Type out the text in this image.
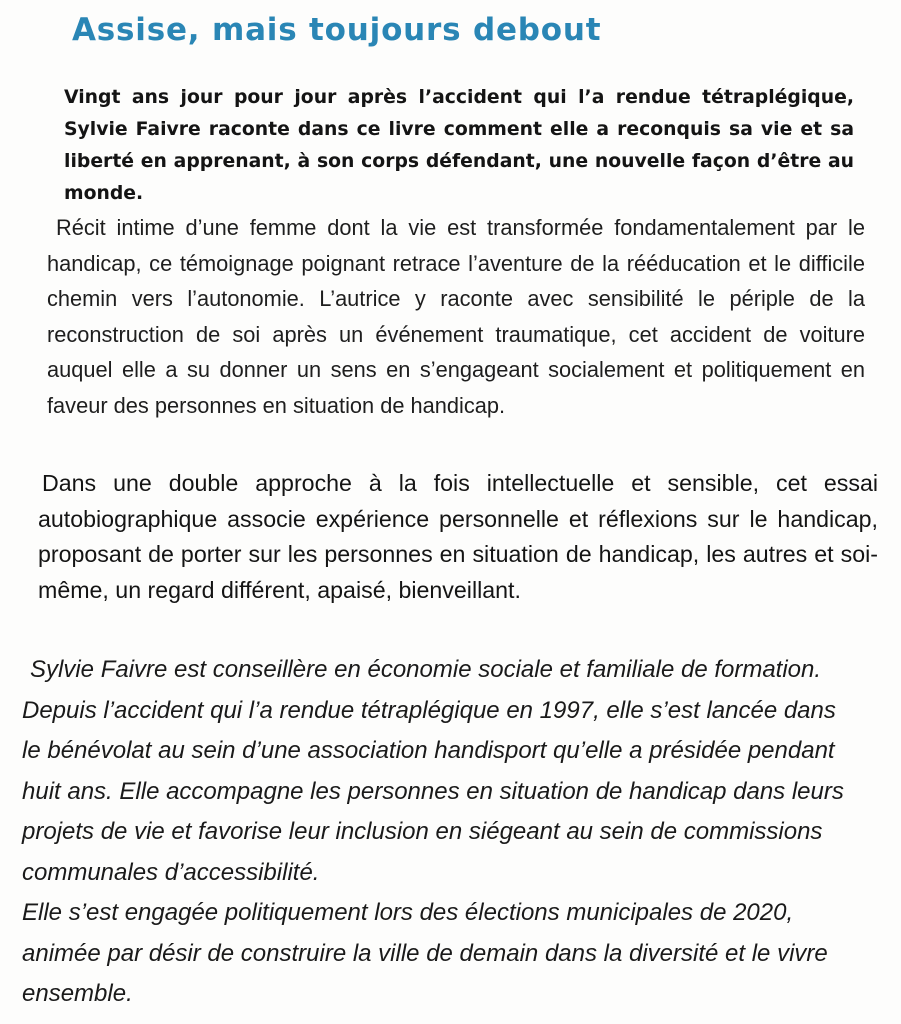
Assise, mais toujours debout
Vingt ans jour pour jour après l’accident qui l’a rendue tétraplégique, Sylvie Faivre raconte dans ce livre comment elle a reconquis sa vie et sa liberté en apprenant, à son corps défendant, une nouvelle façon d’être au monde.
Récit intime d’une femme dont la vie est transformée fondamentalement par le handicap, ce témoignage poignant retrace l’aventure de la rééducation et le difficile chemin vers l’autonomie. L’autrice y raconte avec sensibilité le périple de la reconstruction de soi après un événement traumatique, cet accident de voiture auquel elle a su donner un sens en s’engageant socialement et politiquement en faveur des personnes en situation de handicap.
Dans une double approche à la fois intellectuelle et sensible, cet essai autobiographique associe expérience personnelle et réflexions sur le handicap, proposant de porter sur les personnes en situation de handicap, les autres et soi-même, un regard différent, apaisé, bienveillant.
Sylvie Faivre est conseillère en économie sociale et familiale de formation.
Depuis l’accident qui l’a rendue tétraplégique en 1997, elle s’est lancée dans
le bénévolat au sein d’une association handisport qu’elle a présidée pendant
huit ans. Elle accompagne les personnes en situation de handicap dans leurs
projets de vie et favorise leur inclusion en siégeant au sein de commissions
communales d’accessibilité.
Elle s’est engagée politiquement lors des élections municipales de 2020,
animée par désir de construire la ville de demain dans la diversité et le vivre
ensemble.
